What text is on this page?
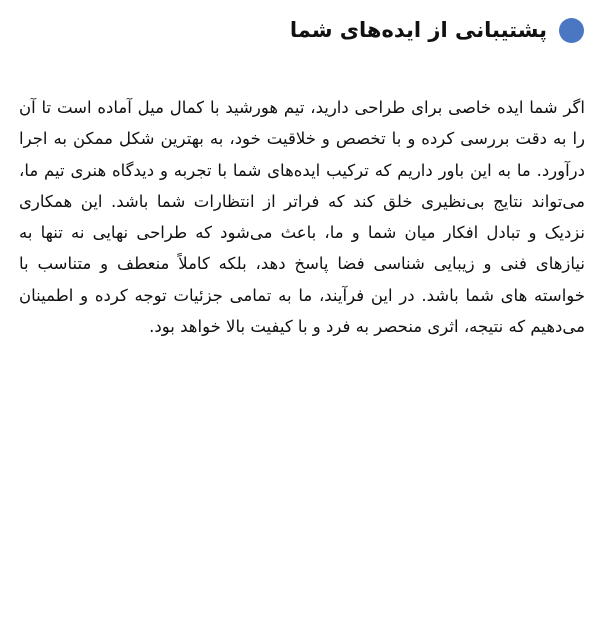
پشتیبانی از ایده‌های شما

اگر شما ایده خاصی برای طراحی دارید، تیم هورشید با کمال میل آماده است تا آن را به دقت بررسی کرده و با تخصص و خلاقیت خود، به بهترین شکل ممکن به اجرا درآورد. ما به این باور داریم که ترکیب ایده‌های شما با تجربه و دیدگاه هنری تیم ما، می‌تواند نتایج بی‌نظیری خلق کند که فراتر از انتظارات شما باشد. این همکاری نزدیک و تبادل افکار میان شما و ما، باعث می‌شود که طراحی نهایی نه تنها به نیازهای فنی و زیبایی شناسی فضا پاسخ دهد، بلکه کاملاً منعطف و متناسب با خواسته های شما باشد. در این فرآیند، ما به تمامی جزئیات توجه کرده و اطمینان می‌دهیم که نتیجه، اثری منحصر به فرد و با کیفیت بالا خواهد بود.
